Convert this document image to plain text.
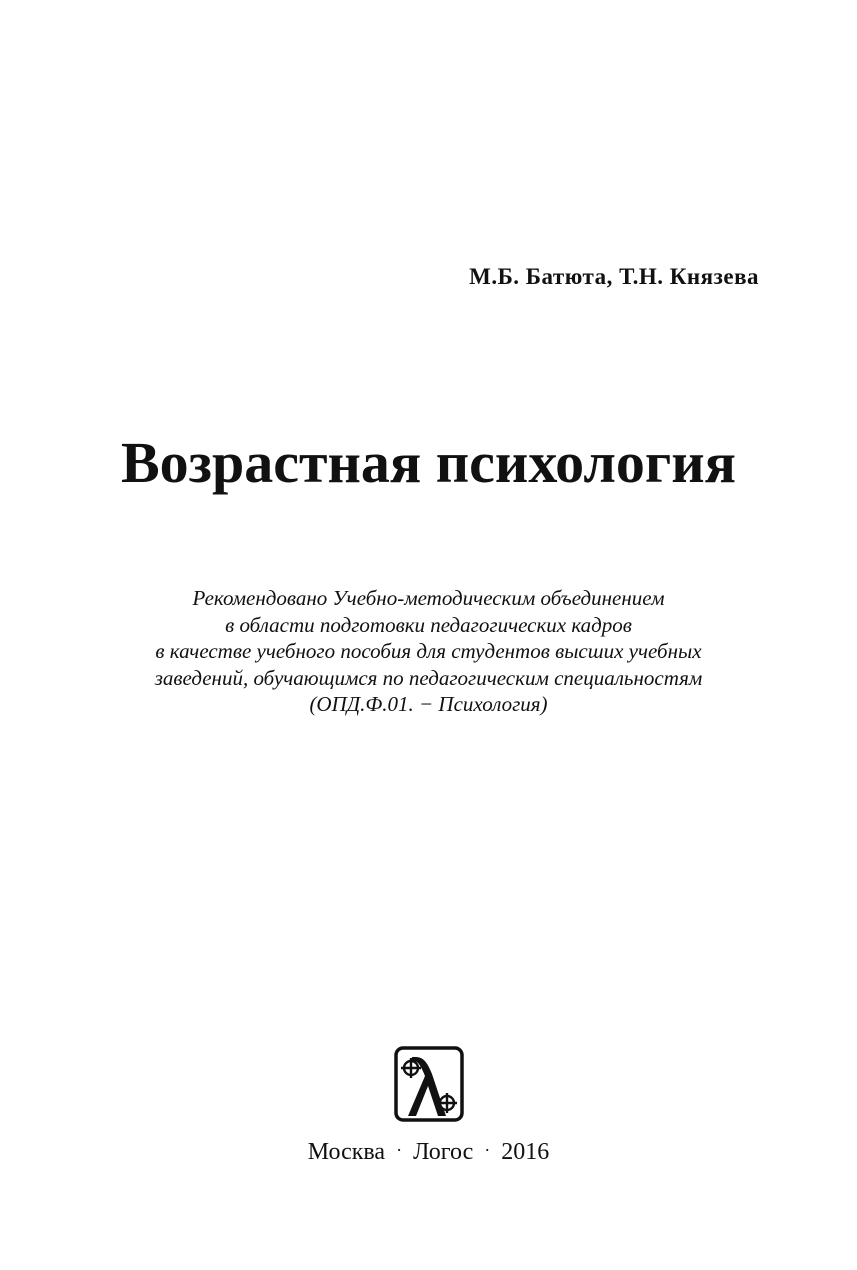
М.Б. Батюта, Т.Н. Князева
Возрастная психология
Рекомендовано Учебно-методическим объединением
в области подготовки педагогических кадров
в качестве учебного пособия для студентов высших учебных
заведений, обучающимся по педагогическим специальностям
(ОПД.Ф.01. − Психология)
Москва · Логос · 2016
